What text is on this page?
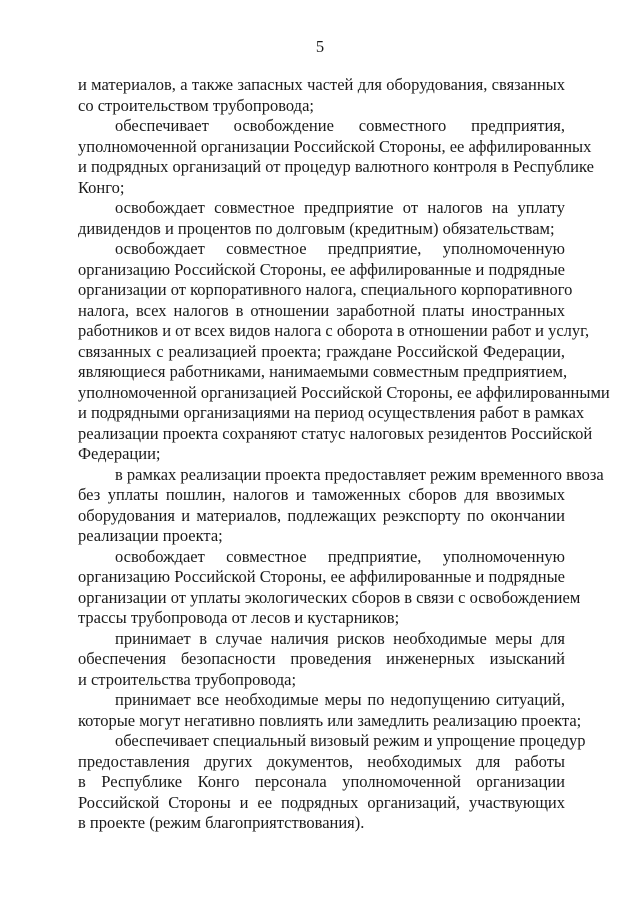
5
и материалов, а также запасных частей для оборудования, связанных
со строительством трубопровода;
обеспечивает освобождение совместного предприятия,
уполномоченной организации Российской Стороны, ее аффилированных
и подрядных организаций от процедур валютного контроля в Республике
Конго;
освобождает совместное предприятие от налогов на уплату
дивидендов и процентов по долговым (кредитным) обязательствам;
освобождает совместное предприятие, уполномоченную
организацию Российской Стороны, ее аффилированные и подрядные
организации от корпоративного налога, специального корпоративного
налога, всех налогов в отношении заработной платы иностранных
работников и от всех видов налога с оборота в отношении работ и услуг,
связанных с реализацией проекта; граждане Российской Федерации,
являющиеся работниками, нанимаемыми совместным предприятием,
уполномоченной организацией Российской Стороны, ее аффилированными
и подрядными организациями на период осуществления работ в рамках
реализации проекта сохраняют статус налоговых резидентов Российской
Федерации;
в рамках реализации проекта предоставляет режим временного ввоза
без уплаты пошлин, налогов и таможенных сборов для ввозимых
оборудования и материалов, подлежащих реэкспорту по окончании
реализации проекта;
освобождает совместное предприятие, уполномоченную
организацию Российской Стороны, ее аффилированные и подрядные
организации от уплаты экологических сборов в связи с освобождением
трассы трубопровода от лесов и кустарников;
принимает в случае наличия рисков необходимые меры для
обеспечения безопасности проведения инженерных изысканий
и строительства трубопровода;
принимает все необходимые меры по недопущению ситуаций,
которые могут негативно повлиять или замедлить реализацию проекта;
обеспечивает специальный визовый режим и упрощение процедур
предоставления других документов, необходимых для работы
в Республике Конго персонала уполномоченной организации
Российской Стороны и ее подрядных организаций, участвующих
в проекте (режим благоприятствования).
